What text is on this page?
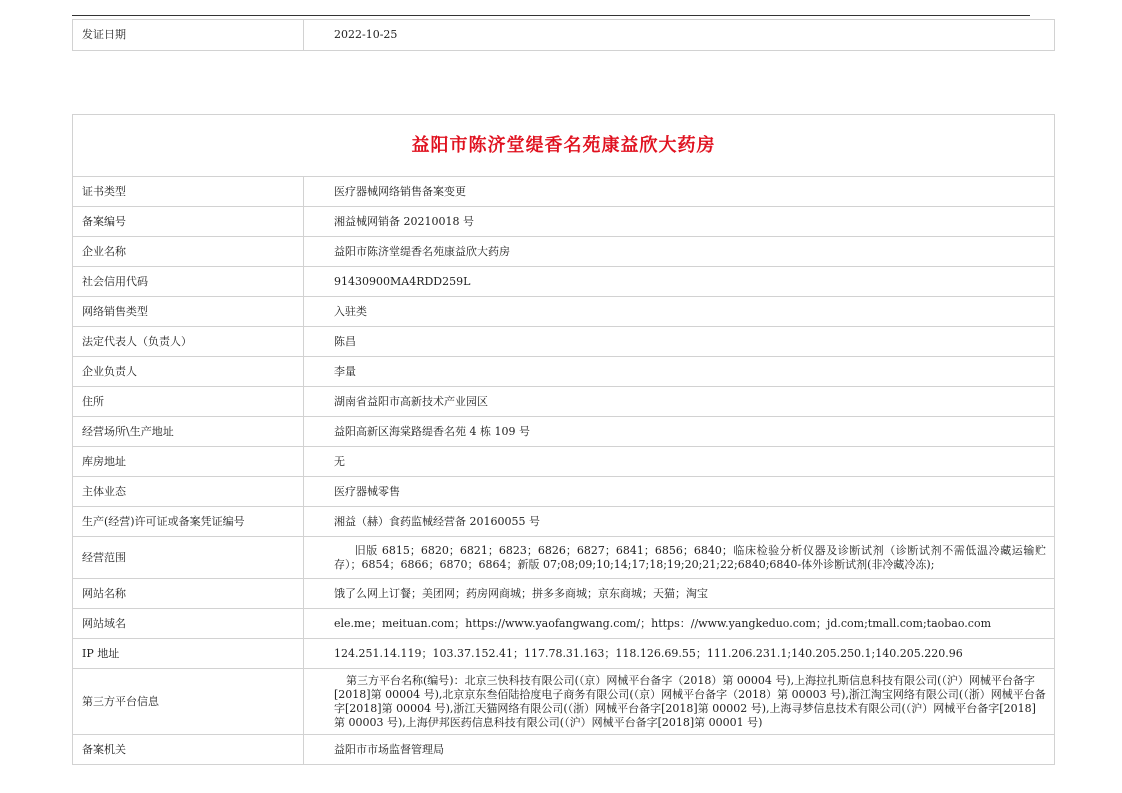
发证日期	2022-10-25
益阳市陈济堂缇香名苑康益欣大药房	
证书类型	医疗器械网络销售备案变更
备案编号	湘益械网销备 20210018 号
企业名称	益阳市陈济堂缇香名苑康益欣大药房
社会信用代码	91430900MA4RDD259L
网络销售类型	入驻类
法定代表人（负责人）	陈昌
企业负责人	李量
住所	湖南省益阳市高新技术产业园区
经营场所\生产地址	益阳高新区海棠路缇香名苑 4 栋 109 号
库房地址	无
主体业态	医疗器械零售
生产(经营)许可证或备案凭证编号	湘益（赫）食药监械经营备 20160055 号
经营范围	旧版 6815；6820；6821；6823；6826；6827；6841；6856；6840；临床检验分析仪器及诊断试剂（诊断试剂不需低温冷藏运输贮存）；6854；6866；6870；6864；新版 07;08;09;10;14;17;18;19;20;21;22;6840;6840-体外诊断试剂(非冷藏冷冻);
网站名称	饿了么网上订餐；美团网；药房网商城；拼多多商城；京东商城；天猫；淘宝
网站域名	ele.me；meituan.com；https://www.yaofangwang.com/；https：//www.yangkeduo.com；jd.com;tmall.com;taobao.com
IP 地址	124.251.14.119；103.37.152.41；117.78.31.163；118.126.69.55；111.206.231.1;140.205.250.1;140.205.220.96
第三方平台信息	第三方平台名称(编号)：北京三快科技有限公司(（京）网械平台备字（2018）第 00004 号),上海拉扎斯信息科技有限公司(（沪）网械平台备字[2018]第 00004 号),北京京东叁佰陆拾度电子商务有限公司(（京）网械平台备字（2018）第 00003 号),浙江淘宝网络有限公司(（浙）网械平台备字[2018]第 00004 号),浙江天猫网络有限公司(（浙）网械平台备字[2018]第 00002 号),上海寻梦信息技术有限公司(（沪）网械平台备字[2018]第 00003 号),上海伊邦医药信息科技有限公司(（沪）网械平台备字[2018]第 00001 号)
备案机关	益阳市市场监督管理局
